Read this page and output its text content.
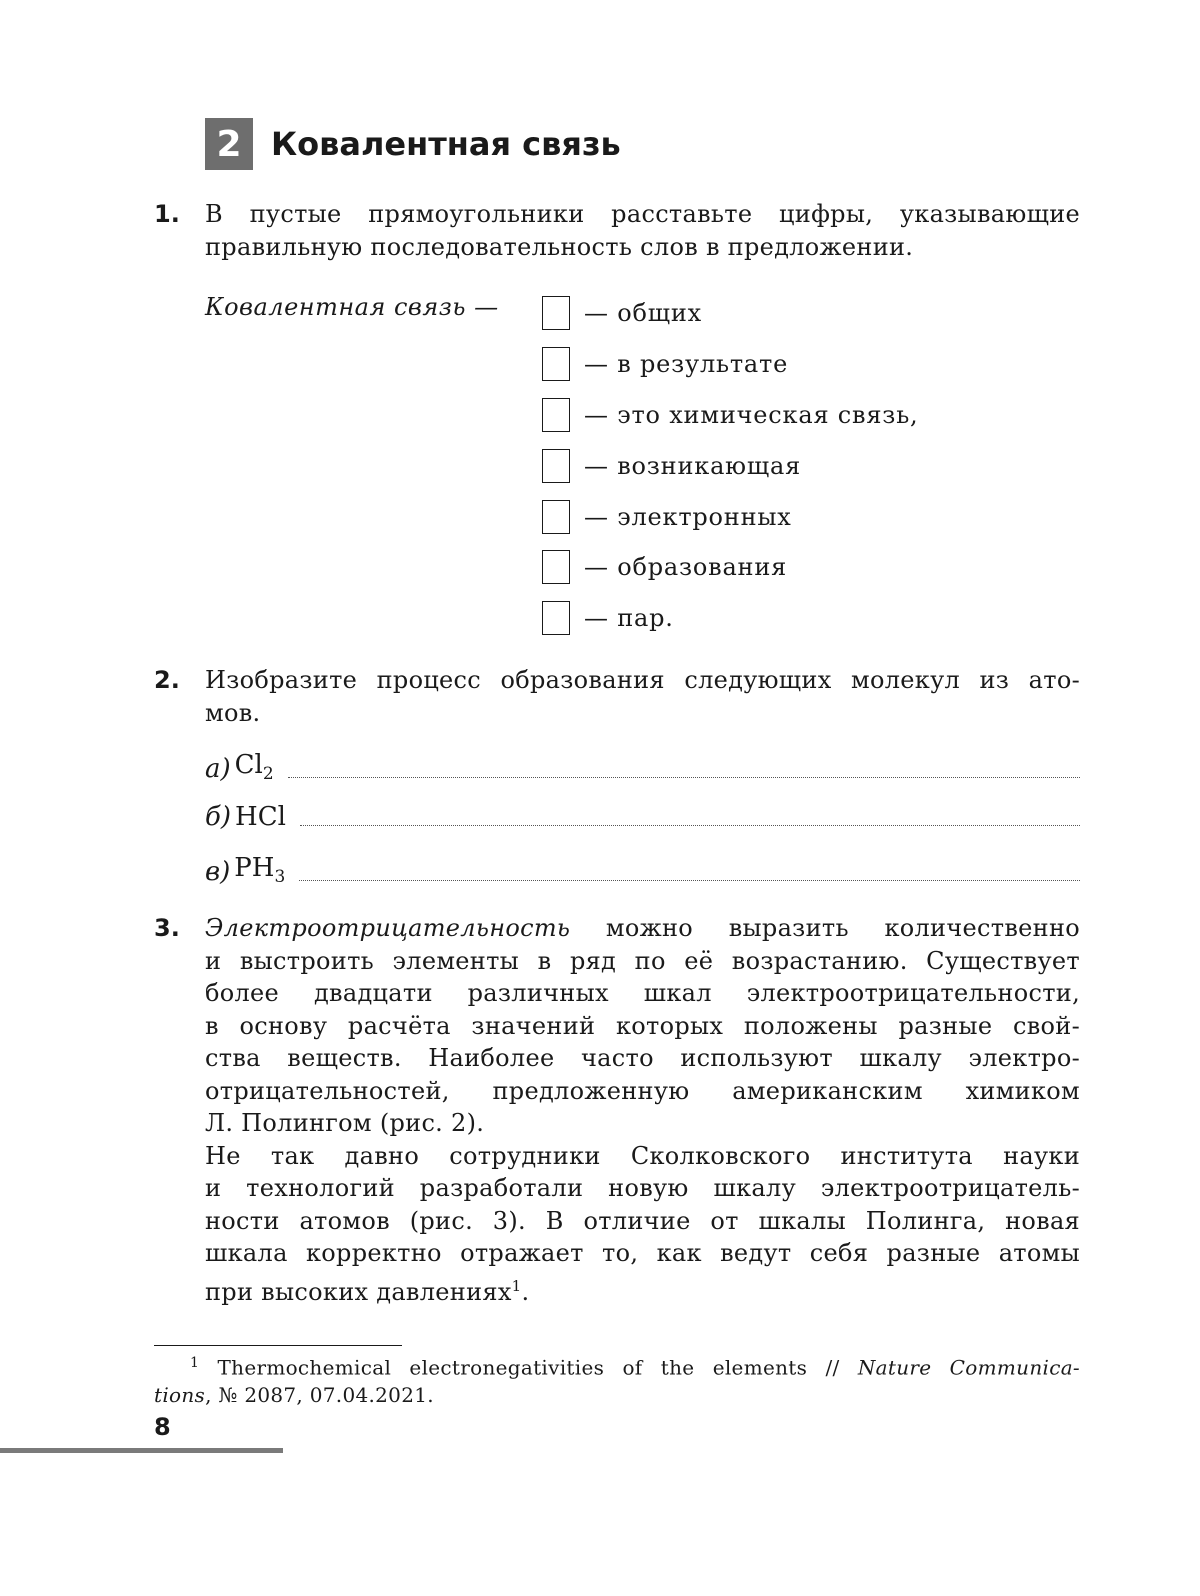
2 Ковалентная связь
1. В пустые прямоугольники расставьте цифры, указывающие
правильную последовательность слов в предложении.
Ковалентная связь —	— общих
— в результате
— это химическая связь,
— возникающая
— электронных
— образования
— пар.
2. Изобразите процесс образования следующих молекул из ато-
мов.
а) $Cl_2$
б) HCl
в) $PH_3$
3. Электроотрицательность можно выразить количественно
и выстроить элементы в ряд по её возрастанию. Существует
более двадцати различных шкал электроотрицательности,
в основу расчёта значений которых положены разные свой-
ства веществ. Наиболее часто используют шкалу электро-
отрицательностей, предложенную американским химиком
Л. Полингом (рис. 2).
Не так давно сотрудники Сколковского института науки
и технологий разработали новую шкалу электроотрицатель-
ности атомов (рис. 3). В отличие от шкалы Полинга, новая
шкала корректно отражает то, как ведут себя разные атомы
при высоких давлениях$^1$.
$^1$ Thermochemical electronegativities of the elements // Nature Communica-
tions, № 2087, 07.04.2021.
8
